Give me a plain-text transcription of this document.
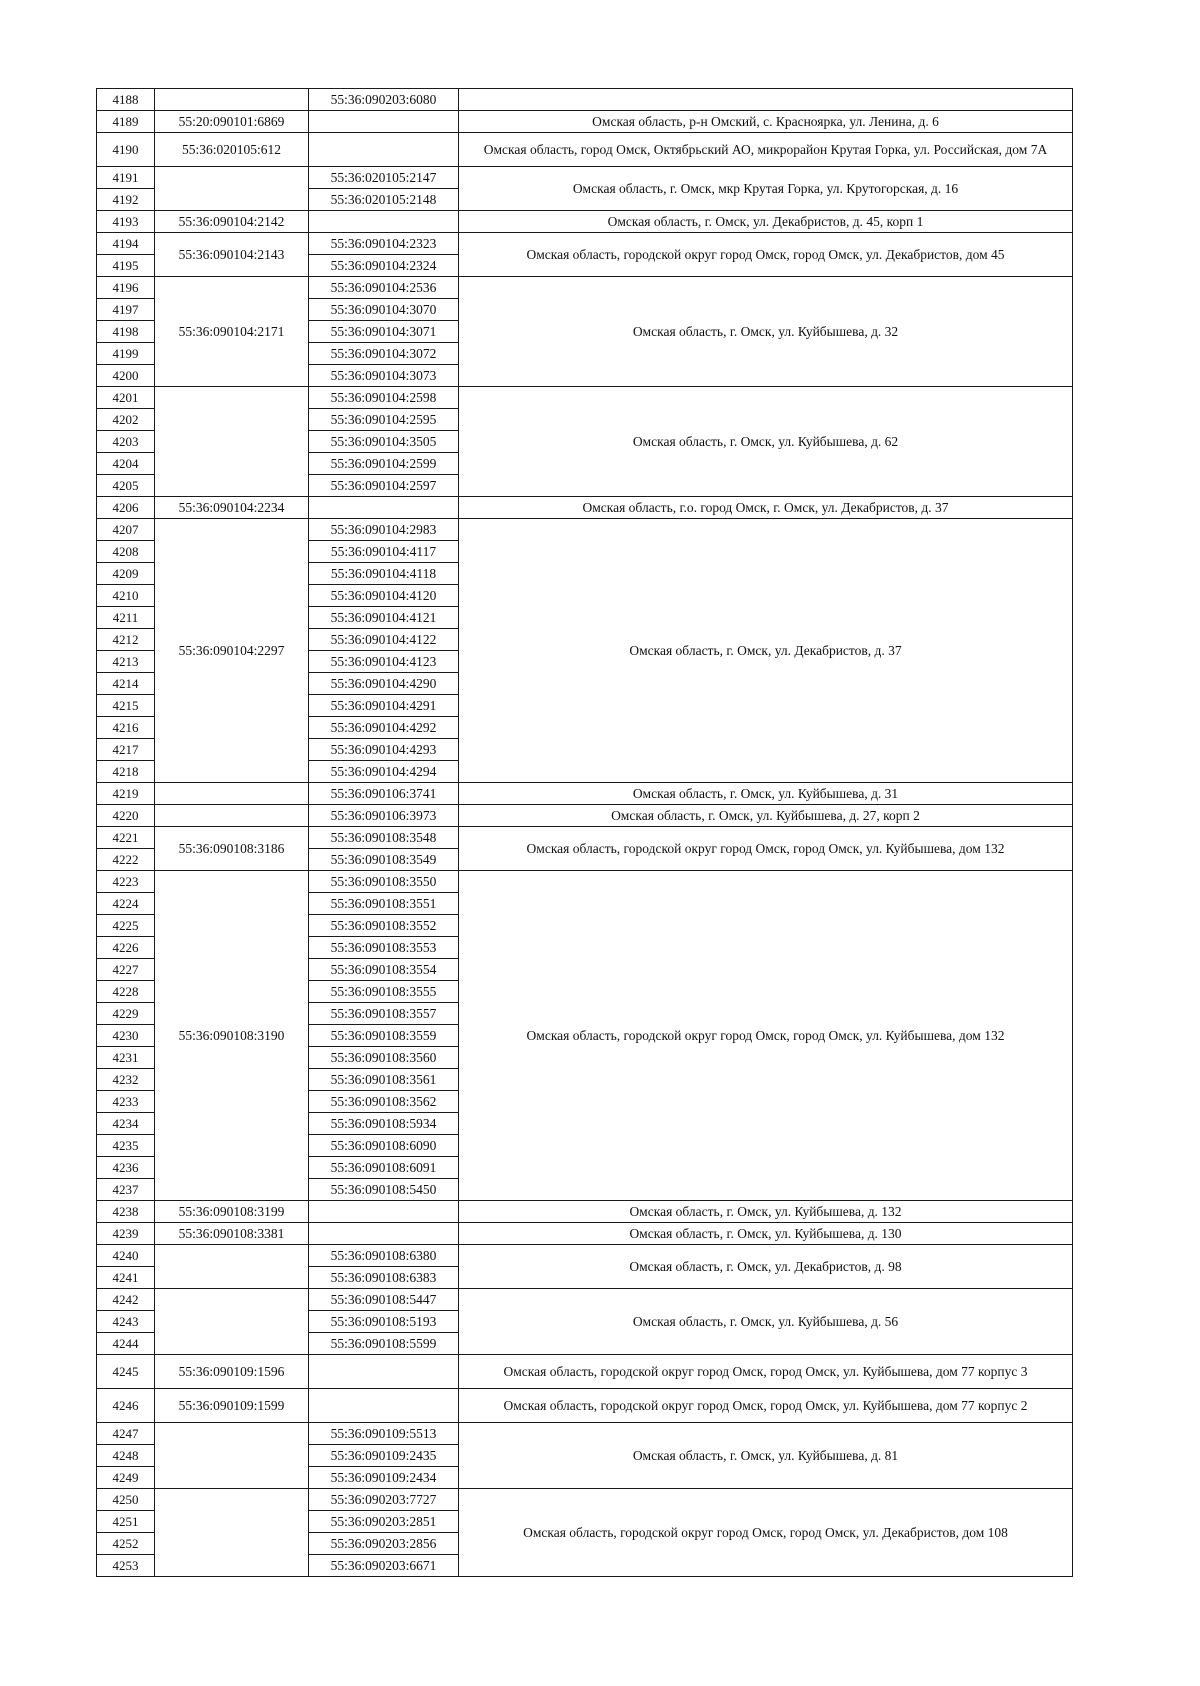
4188		55:36:090203:6080	
4189	55:20:090101:6869		Омская область, р-н Омский, с. Красноярка, ул. Ленина, д. 6
4190	55:36:020105:612		Омская область, город Омск, Октябрьский АО, микрорайон Крутая Горка, ул. Российская, дом 7А
4191		55:36:020105:2147	Омская область, г. Омск, мкр Крутая Горка, ул. Крутогорская, д. 16
4192		55:36:020105:2148	
4193	55:36:090104:2142		Омская область, г. Омск, ул. Декабристов, д. 45, корп 1
4194	55:36:090104:2143	55:36:090104:2323	Омская область, городской округ город Омск, город Омск, ул. Декабристов, дом 45
4195		55:36:090104:2324	
4196	55:36:090104:2171	55:36:090104:2536	Омская область, г. Омск, ул. Куйбышева, д. 32
4197		55:36:090104:3070	
4198		55:36:090104:3071	
4199		55:36:090104:3072	
4200		55:36:090104:3073	
4201		55:36:090104:2598	Омская область, г. Омск, ул. Куйбышева, д. 62
4202		55:36:090104:2595	
4203		55:36:090104:3505	
4204		55:36:090104:2599	
4205		55:36:090104:2597	
4206	55:36:090104:2234		Омская область, г.о. город Омск, г. Омск, ул. Декабристов, д. 37
4207	55:36:090104:2297	55:36:090104:2983	Омская область, г. Омск, ул. Декабристов, д. 37
4208		55:36:090104:4117	
4209		55:36:090104:4118	
4210		55:36:090104:4120	
4211		55:36:090104:4121	
4212		55:36:090104:4122	
4213		55:36:090104:4123	
4214		55:36:090104:4290	
4215		55:36:090104:4291	
4216		55:36:090104:4292	
4217		55:36:090104:4293	
4218		55:36:090104:4294	
4219		55:36:090106:3741	Омская область, г. Омск, ул. Куйбышева, д. 31
4220		55:36:090106:3973	Омская область, г. Омск, ул. Куйбышева, д. 27, корп 2
4221	55:36:090108:3186	55:36:090108:3548	Омская область, городской округ город Омск, город Омск, ул. Куйбышева, дом 132
4222		55:36:090108:3549	
4223	55:36:090108:3190	55:36:090108:3550	Омская область, городской округ город Омск, город Омск, ул. Куйбышева, дом 132
4224		55:36:090108:3551	
4225		55:36:090108:3552	
4226		55:36:090108:3553	
4227		55:36:090108:3554	
4228		55:36:090108:3555	
4229		55:36:090108:3557	
4230		55:36:090108:3559	
4231		55:36:090108:3560	
4232		55:36:090108:3561	
4233		55:36:090108:3562	
4234		55:36:090108:5934	
4235		55:36:090108:6090	
4236		55:36:090108:6091	
4237		55:36:090108:5450	
4238	55:36:090108:3199		Омская область, г. Омск, ул. Куйбышева, д. 132
4239	55:36:090108:3381		Омская область, г. Омск, ул. Куйбышева, д. 130
4240		55:36:090108:6380	Омская область, г. Омск, ул. Декабристов, д. 98
4241		55:36:090108:6383	
4242		55:36:090108:5447	Омская область, г. Омск, ул. Куйбышева, д. 56
4243		55:36:090108:5193	
4244		55:36:090108:5599	
4245	55:36:090109:1596		Омская область, городской округ город Омск, город Омск, ул. Куйбышева, дом 77 корпус 3
4246	55:36:090109:1599		Омская область, городской округ город Омск, город Омск, ул. Куйбышева, дом 77 корпус 2
4247		55:36:090109:5513	Омская область, г. Омск, ул. Куйбышева, д. 81
4248		55:36:090109:2435	
4249		55:36:090109:2434	
4250		55:36:090203:7727	Омская область, городской округ город Омск, город Омск, ул. Декабристов, дом 108
4251		55:36:090203:2851	
4252		55:36:090203:2856	
4253		55:36:090203:6671	
